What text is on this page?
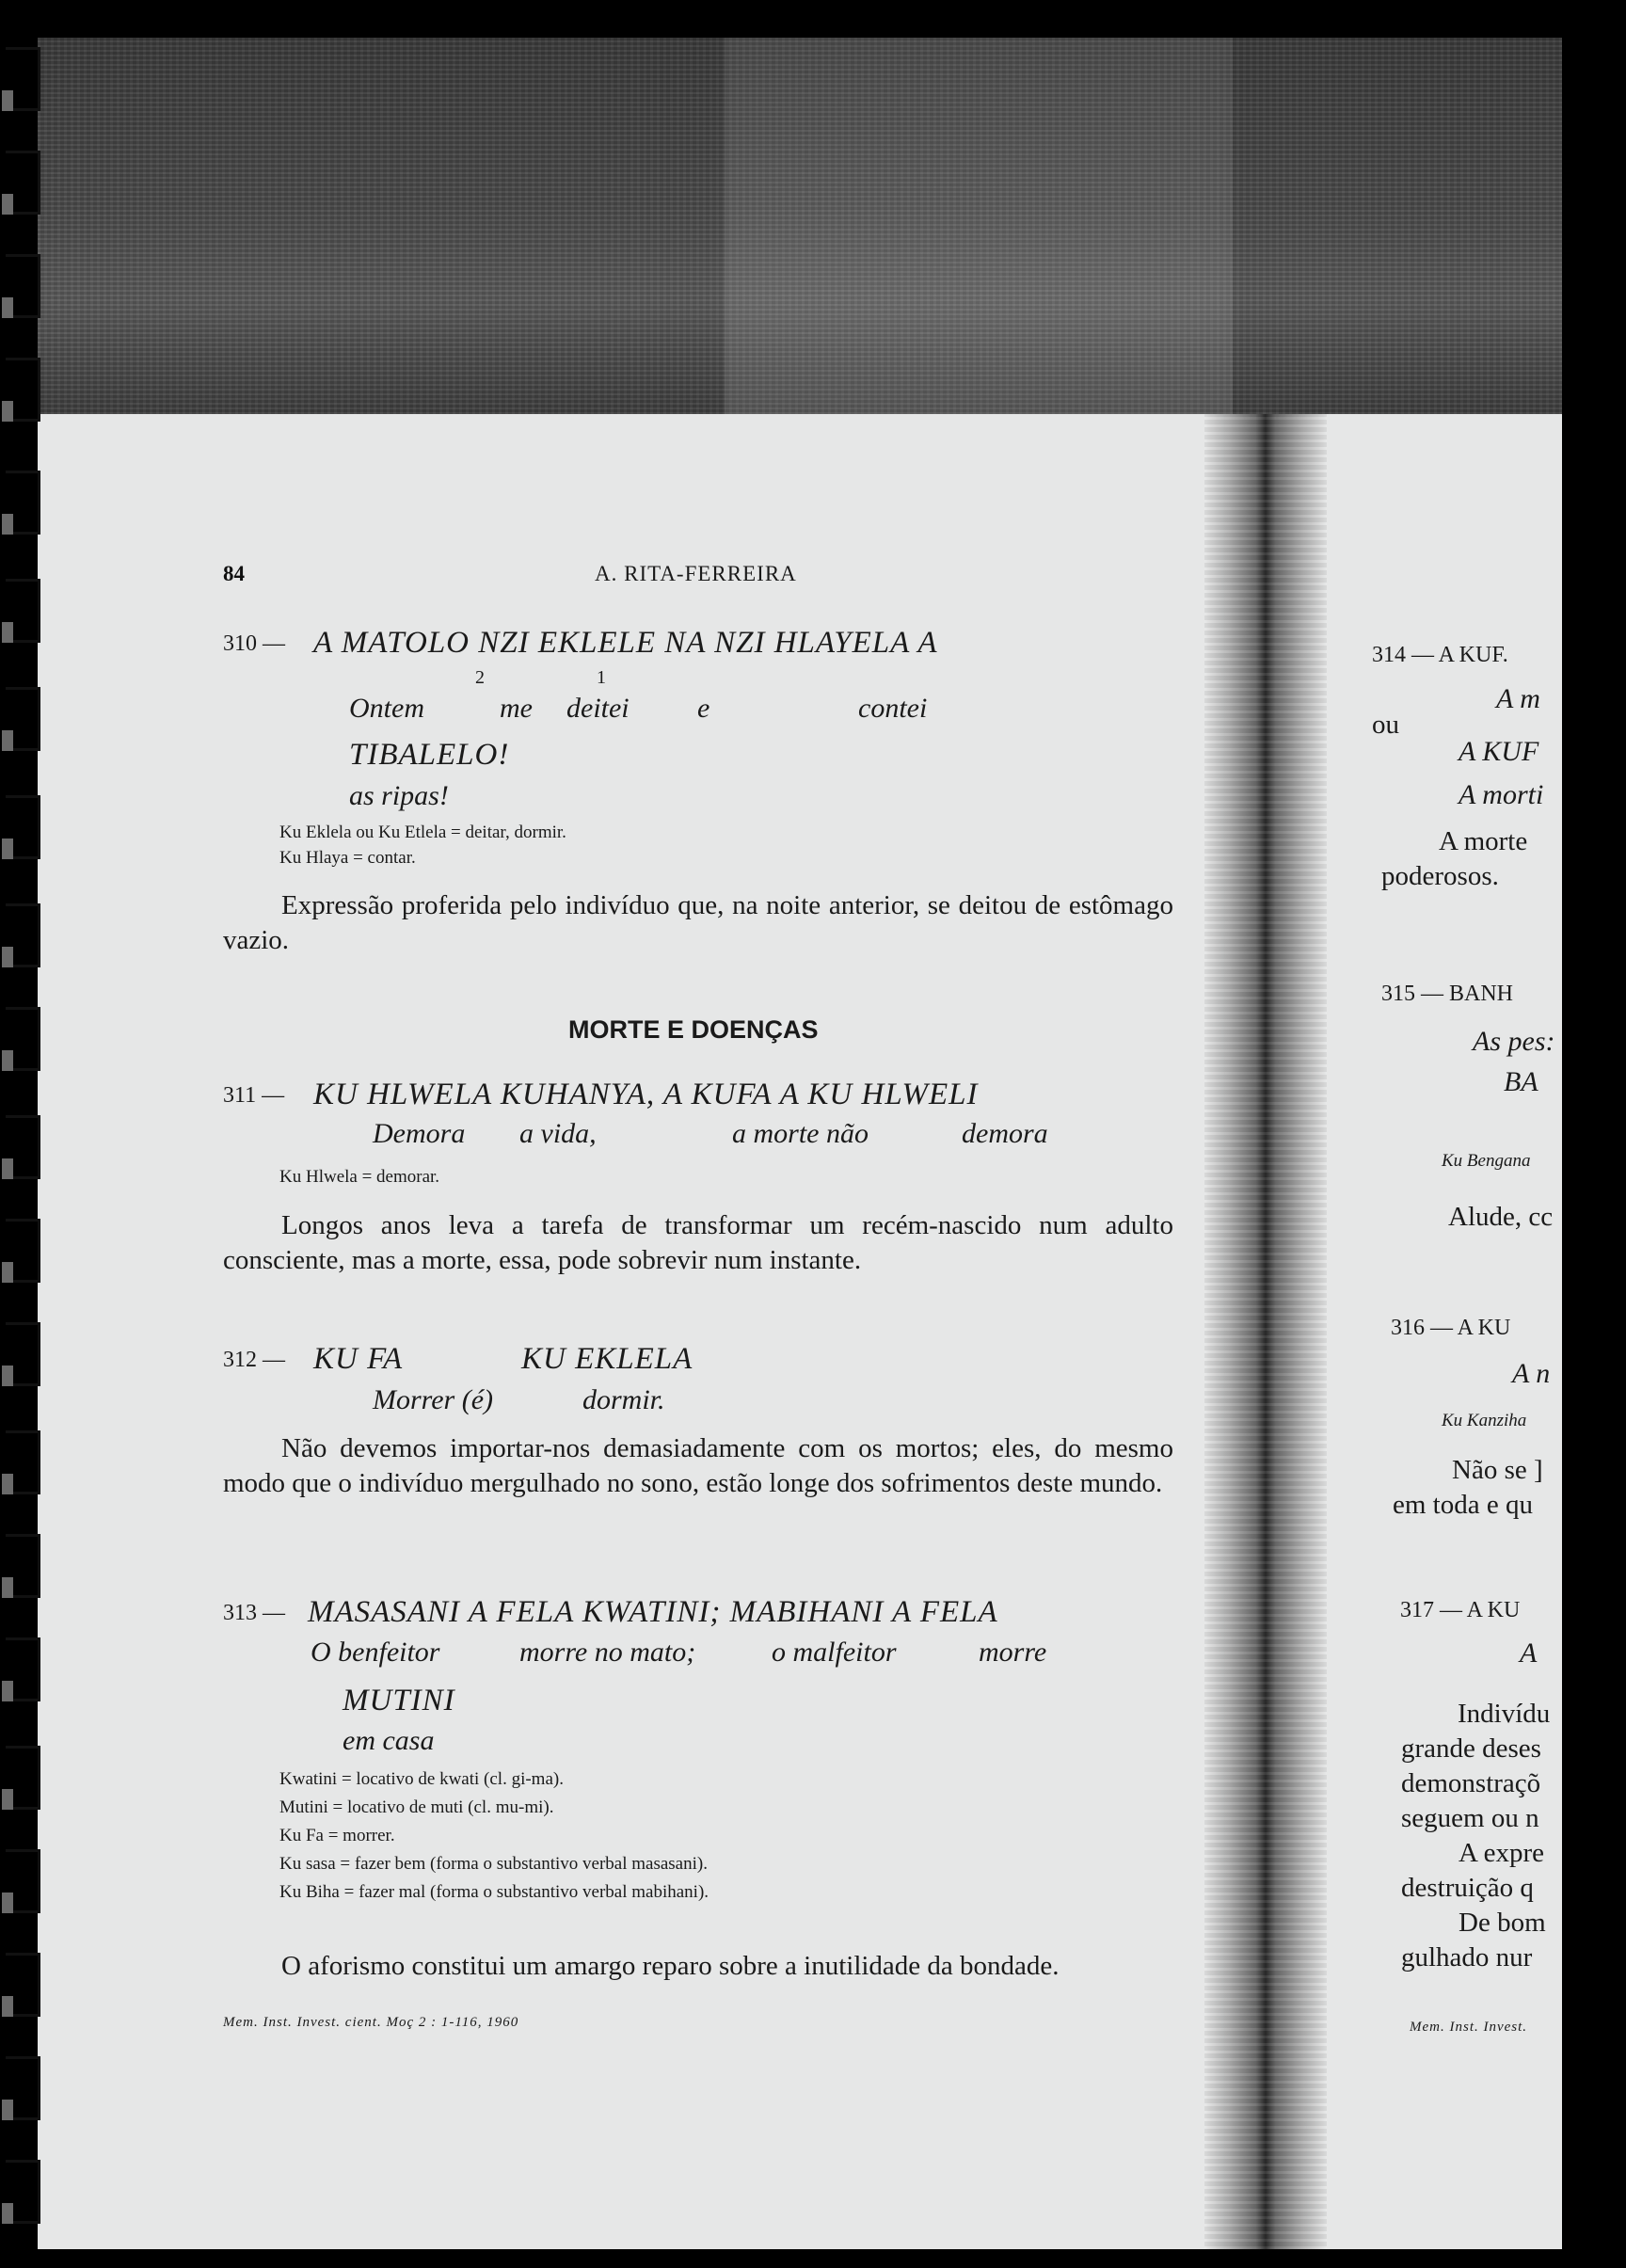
84	A. RITA-FERREIRA
310 — A MATOLO NZI EKLELE NA NZI HLAYELA A
2	1
Ontem	me deitei e	contei
TIBALELO!
as ripas!
Ku Eklela ou Ku Etlela = deitar, dormir.
Ku Hlaya = contar.
Expressão proferida pelo indivíduo que, na noite anterior, se deitou de estômago vazio.
MORTE E DOENÇAS
311 — KU HLWELA KUHANYA, A KUFA A KU HLWELI
Demora a vida,	a morte não	demora
Ku Hlwela = demorar.
Longos anos leva a tarefa de transformar um recém-nascido num adulto consciente, mas a morte, essa, pode sobrevir num instante.
312 — KU FA	KU EKLELA
Morrer (é)	dormir.
Não devemos importar-nos demasiadamente com os mortos; eles, do mesmo modo que o indivíduo mergulhado no sono, estão longe dos sofrimentos deste mundo.
313 — MASASANI A FELA KWATINI; MABIHANI A FELA
O benfeitor	morre no mato;	o malfeitor	morre
MUTINI
em casa
Kwatini = locativo de kwati (cl. gi-ma).
Mutini = locativo de muti (cl. mu-mi).
Ku Fa = morrer.
Ku sasa = fazer bem (forma o substantivo verbal masasani).
Ku Biha = fazer mal (forma o substantivo verbal mabihani).
O aforismo constitui um amargo reparo sobre a inutilidade da bondade.
Mem. Inst. Invest. cient. Moç 2 : 1-116, 1960
314 — A KUF.
A m
ou
A KUF
A morti
A morte
poderosos.
315 — BANH
As pes:
BA
Ku Bengana
Alude, cc
316 — A KU
A n
Ku Kanziha
Não se ]
em toda e qu
317 — A KU
A
Indivídu
grande deses
demonstraçõ
seguem ou n
A expre
destruição q
De bom
gulhado nur
Mem. Inst. Invest.
